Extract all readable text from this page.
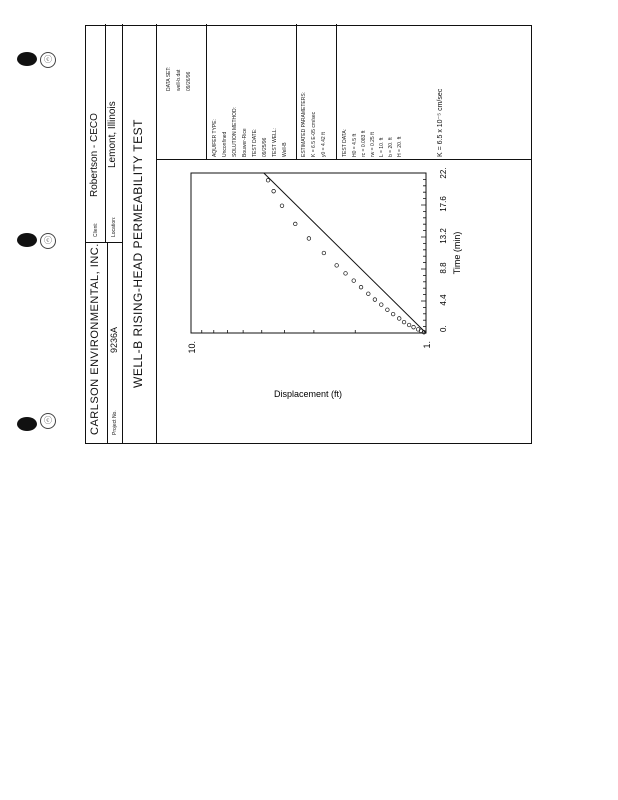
ⓒ
ⓒ
ⓒ	CARLSON ENVIRONMENTAL, INC. Project No.
9236A
Client:
Robertson - CECO
Location:
Lemont, Illinois WELL-B RISING-HEAD PERMEABILITY TEST
DATA SET: well-b.dat 09/26/96
AQUIFER TYPE: Unconfined SOLUTION METHOD: Bouwer-Rice TEST DATE: 09/25/96 TEST WELL: Well-B	ESTIMATED PARAMETERS: K = 6.5 E-05 cm/sec y0 = 4.42 ft	TEST DATA: H0 = 4.5 ft rc = 0.083 ft rw = 0.25 ft L = 10. ft b = 20. ft H = 20. ft	K = 6.5 x 10⁻⁵ cm/sec
1.
10.
0.
4.4
8.8
13.2
17.6
22.
Time (min)
Displacement (ft)
